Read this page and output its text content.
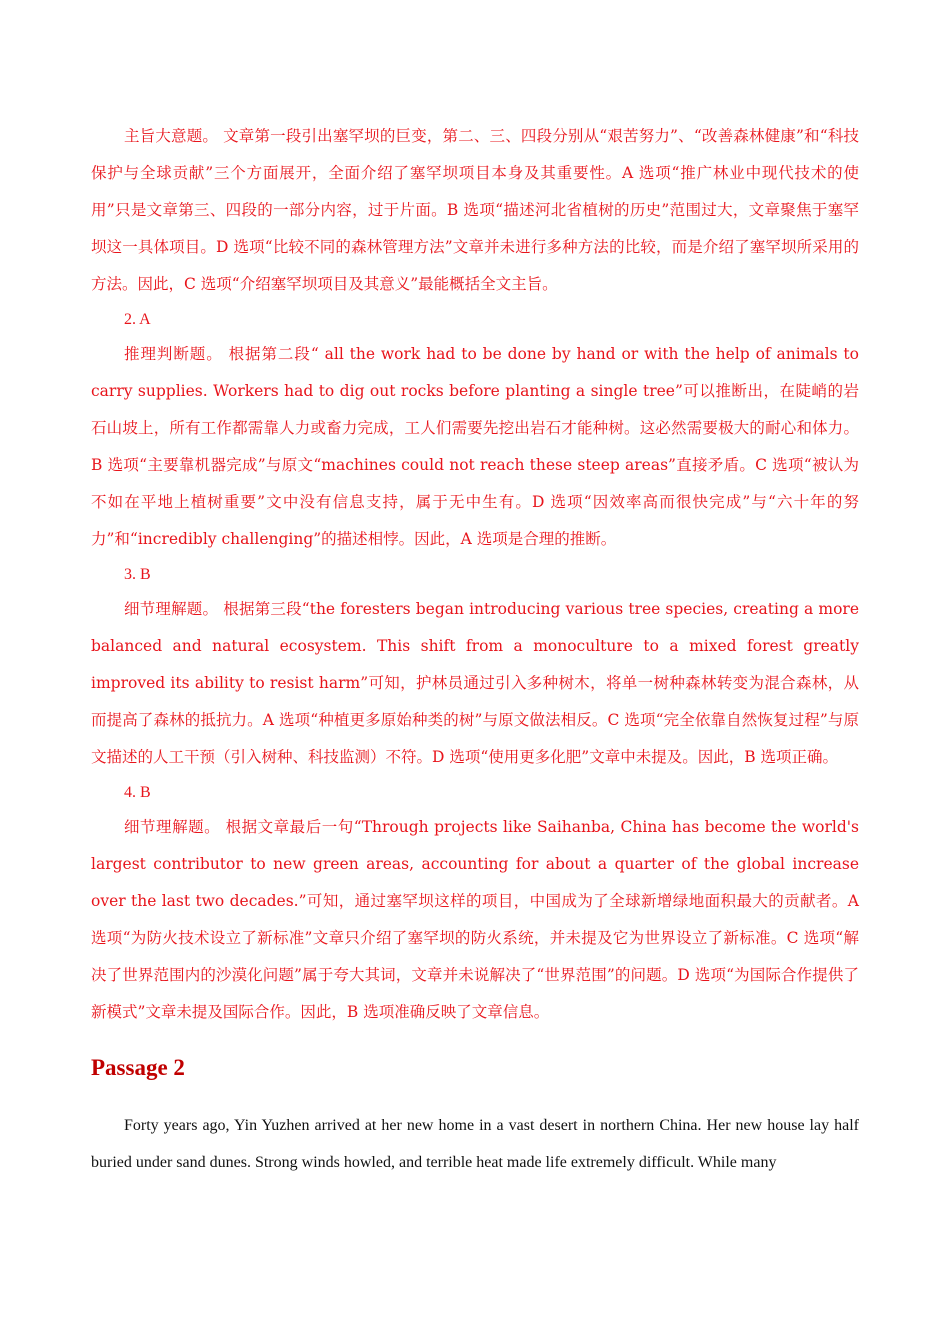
主旨大意题。 文章第一段引出塞罕坝的巨变，第二、三、四段分别从“艰苦努力”、“改善森林健康”和“科技保护与全球贡献”三个方面展开，全面介绍了塞罕坝项目本身及其重要性。A 选项“推广林业中现代技术的使用”只是文章第三、四段的一部分内容，过于片面。B 选项“描述河北省植树的历史”范围过大，文章聚焦于塞罕坝这一具体项目。D 选项“比较不同的森林管理方法”文章并未进行多种方法的比较，而是介绍了塞罕坝所采用的方法。因此，C 选项“介绍塞罕坝项目及其意义”最能概括全文主旨。

2. A

推理判断题。 根据第二段“ all the work had to be done by hand or with the help of animals to carry supplies. Workers had to dig out rocks before planting a single tree”可以推断出，在陡峭的岩石山坡上，所有工作都需靠人力或畜力完成，工人们需要先挖出岩石才能种树。这必然需要极大的耐心和体力。 B 选项“主要靠机器完成”与原文“machines could not reach these steep areas”直接矛盾。C 选项“被认为不如在平地上植树重要”文中没有信息支持，属于无中生有。D 选项“因效率高而很快完成”与“六十年的努力”和“incredibly challenging”的描述相悖。因此，A 选项是合理的推断。

3. B

细节理解题。 根据第三段“the foresters began introducing various tree species, creating a more balanced and natural ecosystem. This shift from a monoculture to a mixed forest greatly improved its ability to resist harm”可知，护林员通过引入多种树木，将单一树种森林转变为混合森林，从而提高了森林的抵抗力。A 选项“种植更多原始种类的树”与原文做法相反。C 选项“完全依靠自然恢复过程”与原文描述的人工干预（引入树种、科技监测）不符。D 选项“使用更多化肥”文章中未提及。因此，B 选项正确。

4. B

细节理解题。 根据文章最后一句“Through projects like Saihanba, China has become the world's largest contributor to new green areas, accounting for about a quarter of the global increase over the last two decades.”可知，通过塞罕坝这样的项目，中国成为了全球新增绿地面积最大的贡献者。A 选项“为防火技术设立了新标准”文章只介绍了塞罕坝的防火系统，并未提及它为世界设立了新标准。C 选项“解决了世界范围内的沙漠化问题”属于夸大其词，文章并未说解决了“世界范围”的问题。D 选项“为国际合作提供了新模式”文章未提及国际合作。因此，B 选项准确反映了文章信息。

Passage 2

Forty years ago, Yin Yuzhen arrived at her new home in a vast desert in northern China. Her new house lay half buried under sand dunes. Strong winds howled, and terrible heat made life extremely difficult. While many
